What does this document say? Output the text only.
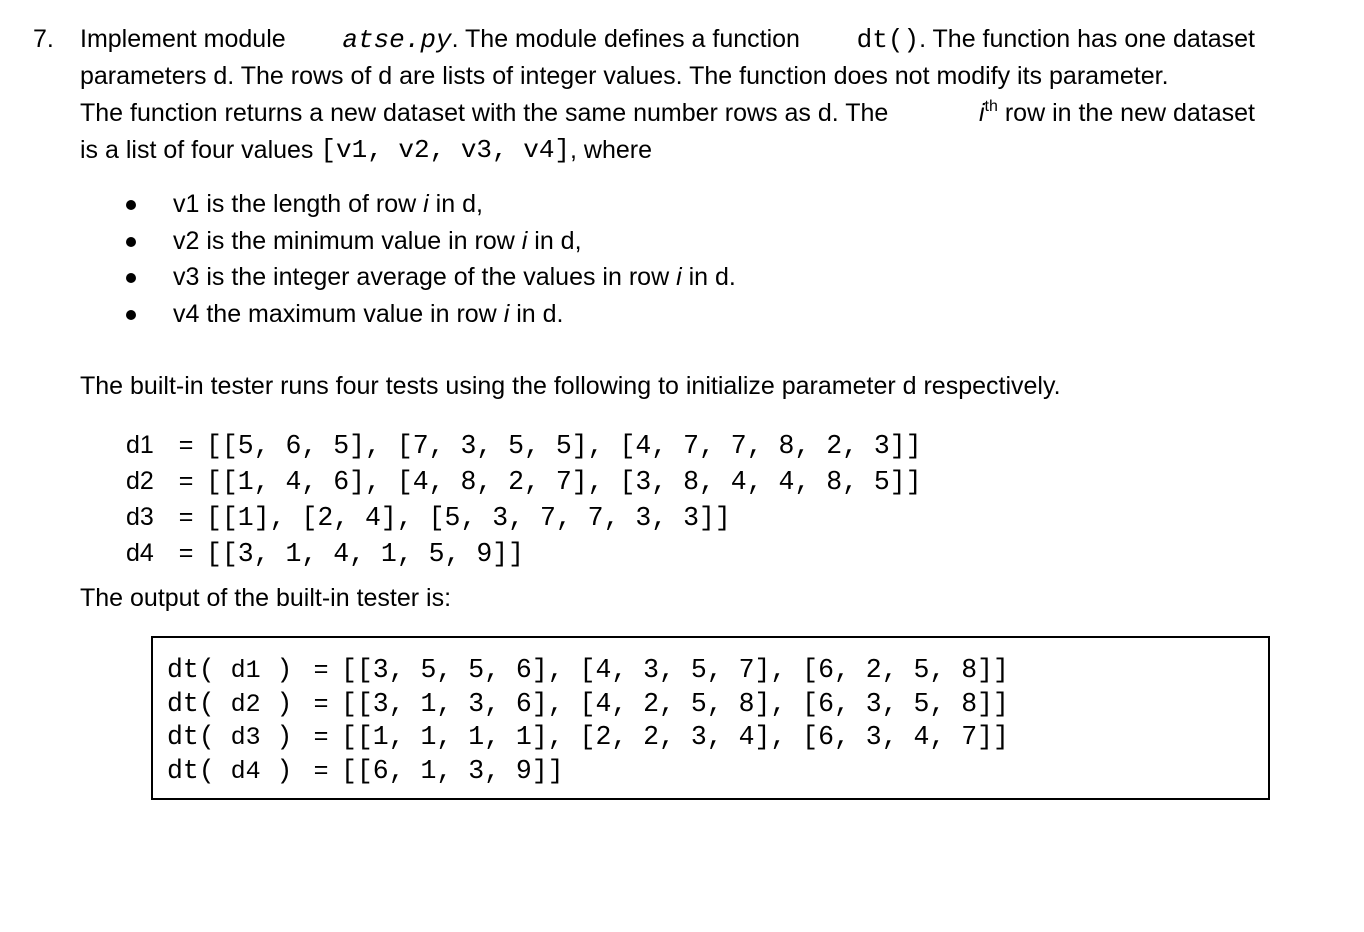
7. Implement module atse.py. The module defines a function dt(). The function has one dataset
parameters d. The rows of d are lists of integer values. The function does not modify its parameter.
The function returns a new dataset with the same number rows as d. The	$i^{th}$ row in the new dataset
is a list of four values
[v1, v2, v3, v4] , where
v1 is the length of row i in d,
v2 is the minimum value in row i in d,
v3 is the integer average of the values in row i in d.
v4 the maximum value in row i in d.
The built-in tester runs four tests using the following to initialize parameter d respectively.
d1 = [[5, 6, 5], [7, 3, 5, 5], [4, 7, 7, 8, 2, 3]]
d2 = [[1, 4, 6], [4, 8, 2, 7], [3, 8, 4, 4, 8, 5]]
d3 = [[1], [2, 4], [5, 3, 7, 7, 3, 3]]
d4 = [[3, 1, 4, 1, 5, 9]]
The output of the built-in tester is:
dt( d1 ) = [[3, 5, 5, 6], [4, 3, 5, 7], [6, 2, 5, 8]]
dt( d2 ) = [[3, 1, 3, 6], [4, 2, 5, 8], [6, 3, 5, 8]]
dt( d3 ) = [[1, 1, 1, 1], [2, 2, 3, 4], [6, 3, 4, 7]]
dt( d4 ) = [[6, 1, 3, 9]]
